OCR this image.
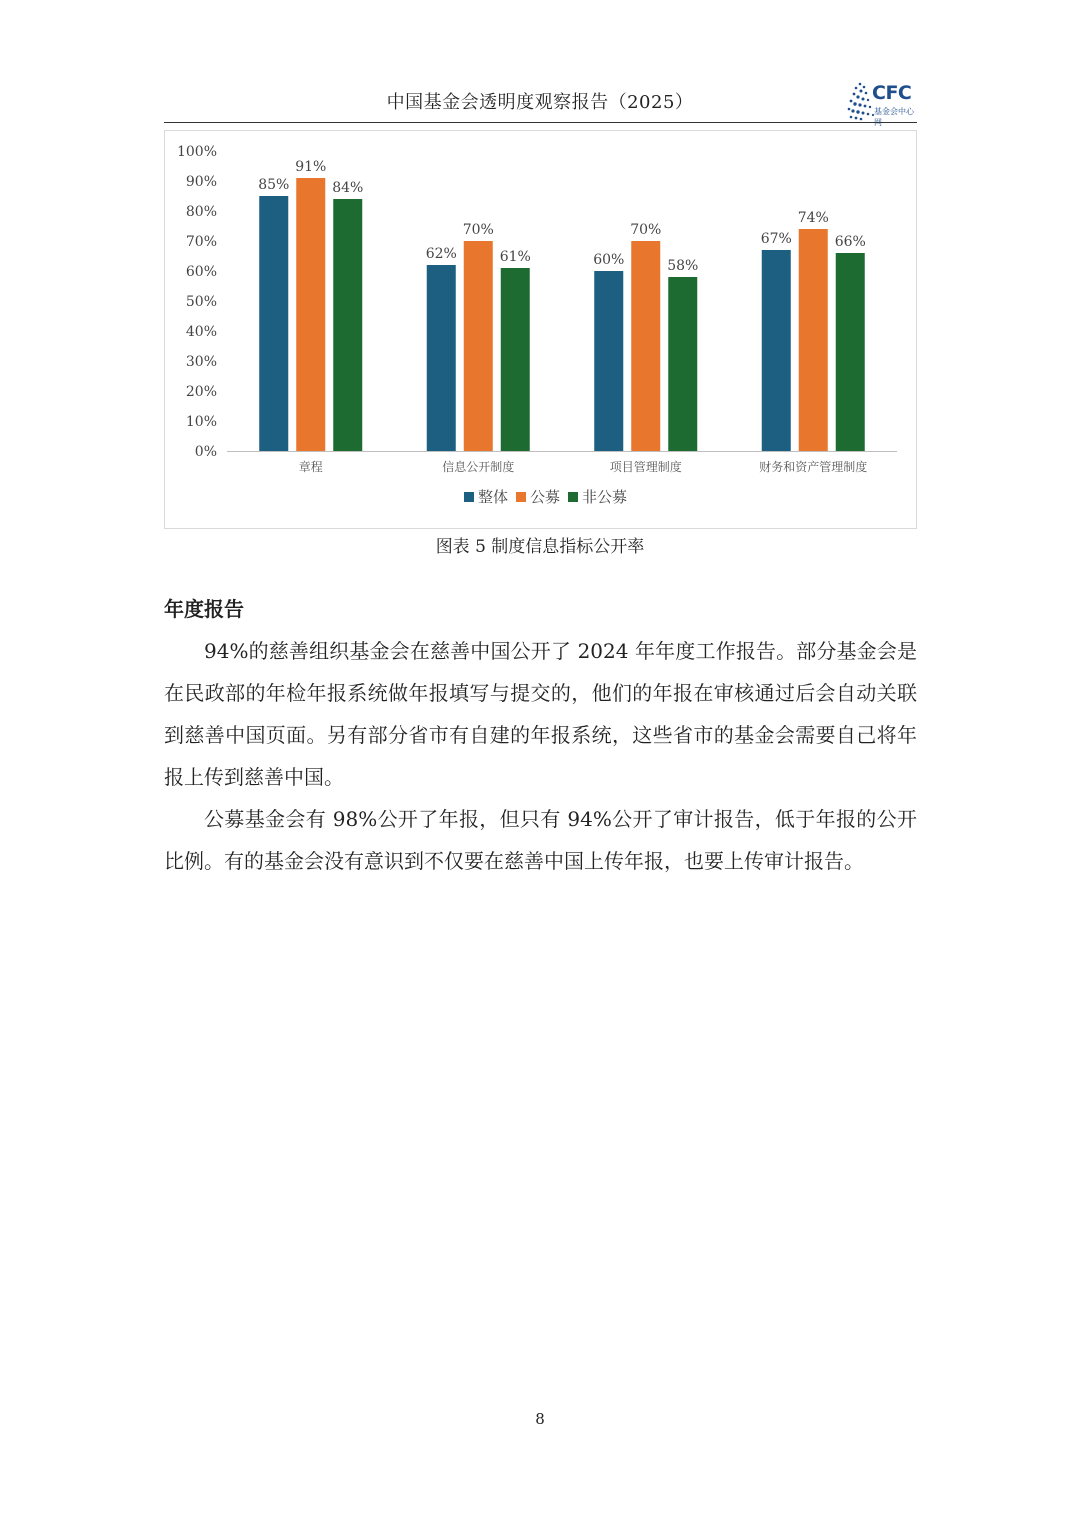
中国基金会透明度观察报告（2025）	CFC
基金会中心网
0%
10%
20%
30%
40%
50%
60%
70%
80%
90%
100%
85%
91%
84%
章程
62%
70%
61%
信息公开制度
60%
70%
58%
项目管理制度
67%
74%
66%
财务和资产管理制度
整体 公募 非公募
图表 5 制度信息指标公开率
年度报告

94%的慈善组织基金会在慈善中国公开了 2024 年年度工作报告。部分基金会是在民政部的年检年报系统做年报填写与提交的，他们的年报在审核通过后会自动关联到慈善中国页面。另有部分省市有自建的年报系统，这些省市的基金会需要自己将年报上传到慈善中国。

公募基金会有 98%公开了年报，但只有 94%公开了审计报告，低于年报的公开比例。有的基金会没有意识到不仅要在慈善中国上传年报，也要上传审计报告。

8
